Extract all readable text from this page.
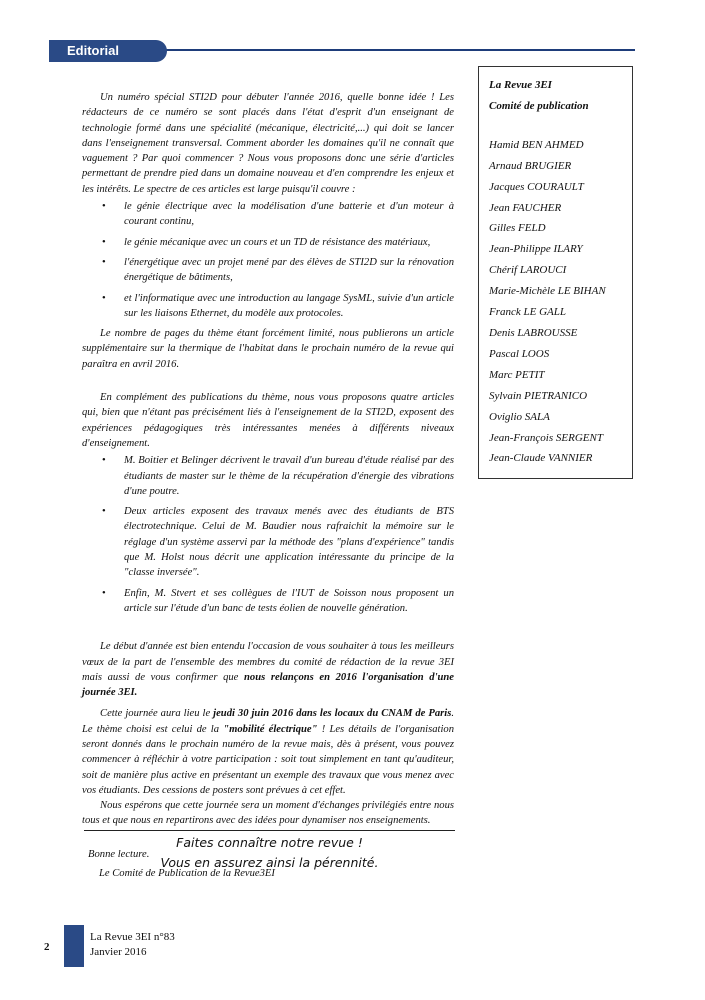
Editorial

Un numéro spécial STI2D pour débuter l'année 2016, quelle bonne idée ! Les rédacteurs de ce numéro se sont placés dans l'état d'esprit d'un enseignant de technologie formé dans une spécialité (mécanique, électricité,...) qui doit se lancer dans l'enseignement transversal. Comment aborder les domaines qu'il ne connaît que vaguement ? Par quoi commencer ? Nous vous proposons donc une série d'articles permettant de prendre pied dans un domaine nouveau et d'en comprendre les enjeux et les intérêts. Le spectre de ces articles est large puisqu'il couvre :

• le génie électrique avec la modélisation d'une batterie et d'un moteur à courant continu,
• le génie mécanique avec un cours et un TD de résistance des matériaux,
• l'énergétique avec un projet mené par des élèves de STI2D sur la rénovation énergétique de bâtiments,
• et l'informatique avec une introduction au langage SysML, suivie d'un article sur les liaisons Ethernet, du modèle aux protocoles.

Le nombre de pages du thème étant forcément limité, nous publierons un article supplémentaire sur la thermique de l'habitat dans le prochain numéro de la revue qui paraîtra en avril 2016.

En complément des publications du thème, nous vous proposons quatre articles qui, bien que n'étant pas précisément liés à l'enseignement de la STI2D, exposent des expériences pédagogiques très intéressantes menées à différents niveaux d'enseignement.

• M. Boitier et Belinger décrivent le travail d'un bureau d'étude réalisé par des étudiants de master sur le thème de la récupération d'énergie des vibrations d'une poutre.
• Deux articles exposent des travaux menés avec des étudiants de BTS électrotechnique. Celui de M. Baudier nous rafraichit la mémoire sur le réglage d'un système asservi par la méthode des "plans d'expérience" tandis que M. Holst nous décrit une application intéressante du principe de la "classe inversée".
• Enfin, M. Stvert et ses collègues de l'IUT de Soisson nous proposent un article sur l'étude d'un banc de tests éolien de nouvelle génération.

Le début d'année est bien entendu l'occasion de vous souhaiter à tous les meilleurs vœux de la part de l'ensemble des membres du comité de rédaction de la revue 3EI mais aussi de vous confirmer que nous relançons en 2016 l'organisation d'une journée 3EI.

Cette journée aura lieu le jeudi 30 juin 2016 dans les locaux du CNAM de Paris. Le thème choisi est celui de la "mobilité électrique" ! Les détails de l'organisation seront donnés dans le prochain numéro de la revue mais, dès à présent, vous pouvez commencer à réfléchir à votre participation : soit tout simplement en tant qu'auditeur, soit de manière plus active en présentant un exemple des travaux que vous menez avec vos étudiants. Des cessions de posters sont prévues à cet effet.

Nous espérons que cette journée sera un moment d'échanges privilégiés entre nous tous et que nous en repartirons avec des idées pour dynamiser nos enseignements.

Bonne lecture.

Le Comité de Publication de la Revue3EI

La Revue 3EI
Comité de publication
Hamid BEN AHMED
Arnaud BRUGIER
Jacques COURAULT
Jean FAUCHER
Gilles FELD
Jean-Philippe ILARY
Chérif LAROUCI
Marie-Michèle LE BIHAN
Franck LE GALL
Denis LABROUSSE
Pascal LOOS
Marc PETIT
Sylvain PIETRANICO
Oviglio SALA
Jean-François SERGENT
Jean-Claude VANNIER
Faites connaître notre revue !
Vous en assurez ainsi la pérennité.
2
La Revue 3EI n°83
Janvier 2016
